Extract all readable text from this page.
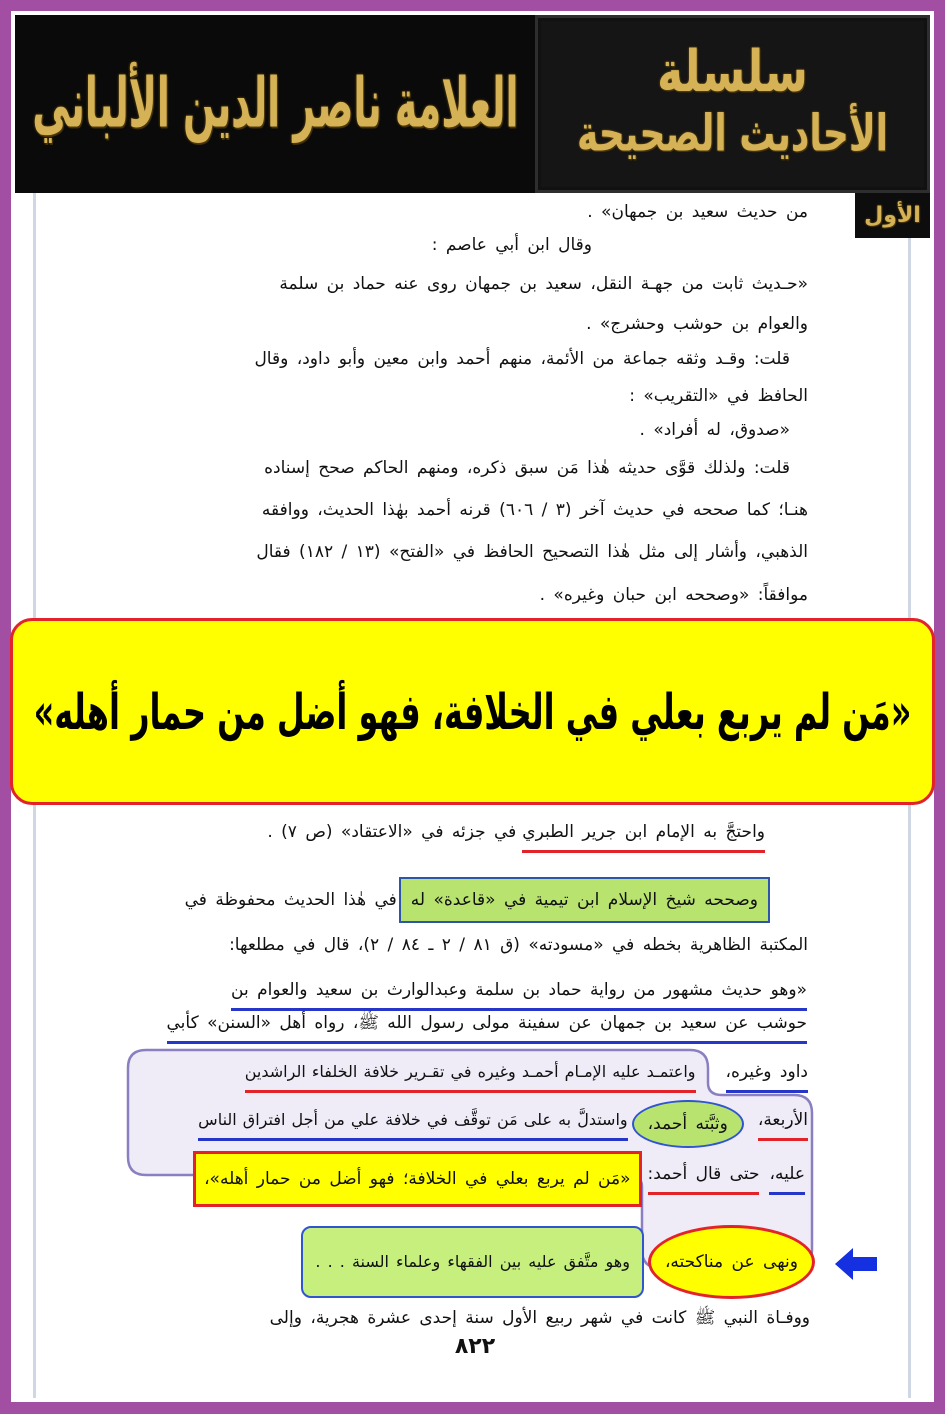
العلامة ناصر الدين الألباني	سلسلة
الأحاديث الصحيحة
الأول
من حديث سعيد بن جمهان» .
وقال ابن أبي عاصم :
«حـديث ثابت من جهـة النقل، سعيد بن جمهان روى عنه حماد بن سلمة
والعوام بن حوشب وحشرج» .
قلت: وقـد وثقه جماعة من الأئمة، منهم أحمد وابن معين وأبو داود، وقال
الحافظ في «التقريب» :
«صدوق، له أفراد» .
قلت: ولذلك قوَّى حديثه هٰذا مَن سبق ذكره، ومنهم الحاكم صحح إسناده
هنـا؛ كما صححه في حديث آخر (٣ / ٦٠٦) قرنه أحمد بهٰذا الحديث، ووافقه
الذهبي، وأشار إلى مثل هٰذا التصحيح الحافظ في «الفتح» (١٣ / ١٨٢) فقال
موافقاً: «وصححه ابن حبان وغيره» .
«مَن لم يربع بعلي في الخلافة، فهو أضل من حمار أهله»
واحتجَّ به الإمام ابن جرير الطبري
في جزئه في «الاعتقاد» (ص ٧) .
وصححه شيخ الإسلام ابن تيمية في «قاعدة» له
في هٰذا الحديث محفوظة في
المكتبة الظاهرية بخطه في «مسودته» (ق ٨١ / ٢ ـ ٨٤ / ٢)، قال في مطلعها:
«وهو حديث مشهور من رواية حماد بن سلمة وعبدالوارث بن سعيد والعوام بن
حوشب عن سعيد بن جمهان عن سفينة مولى رسول الله ﷺ، رواه أهل «السنن» كأبي
داود وغيره،
واعتمـد عليه الإمـام أحمـد وغيره في تقـرير خلافة الخلفاء الراشدين
الأربعة،
وثبَّته أحمد،
واستدلَّ به على مَن توقَّف في خلافة علي من أجل افتراق الناس
عليه،
حتى قال أحمد:
«مَن لم يربع بعلي في الخلافة؛ فهو أضل من حمار أهله»،
ونهى عن مناكحته،
وهو متَّفق عليه بين الفقهاء وعلماء السنة . . .
ووفـاة النبي ﷺ كانت في شهر ربيع الأول سنة إحدى عشرة هجرية، وإلى
٨٢٢
